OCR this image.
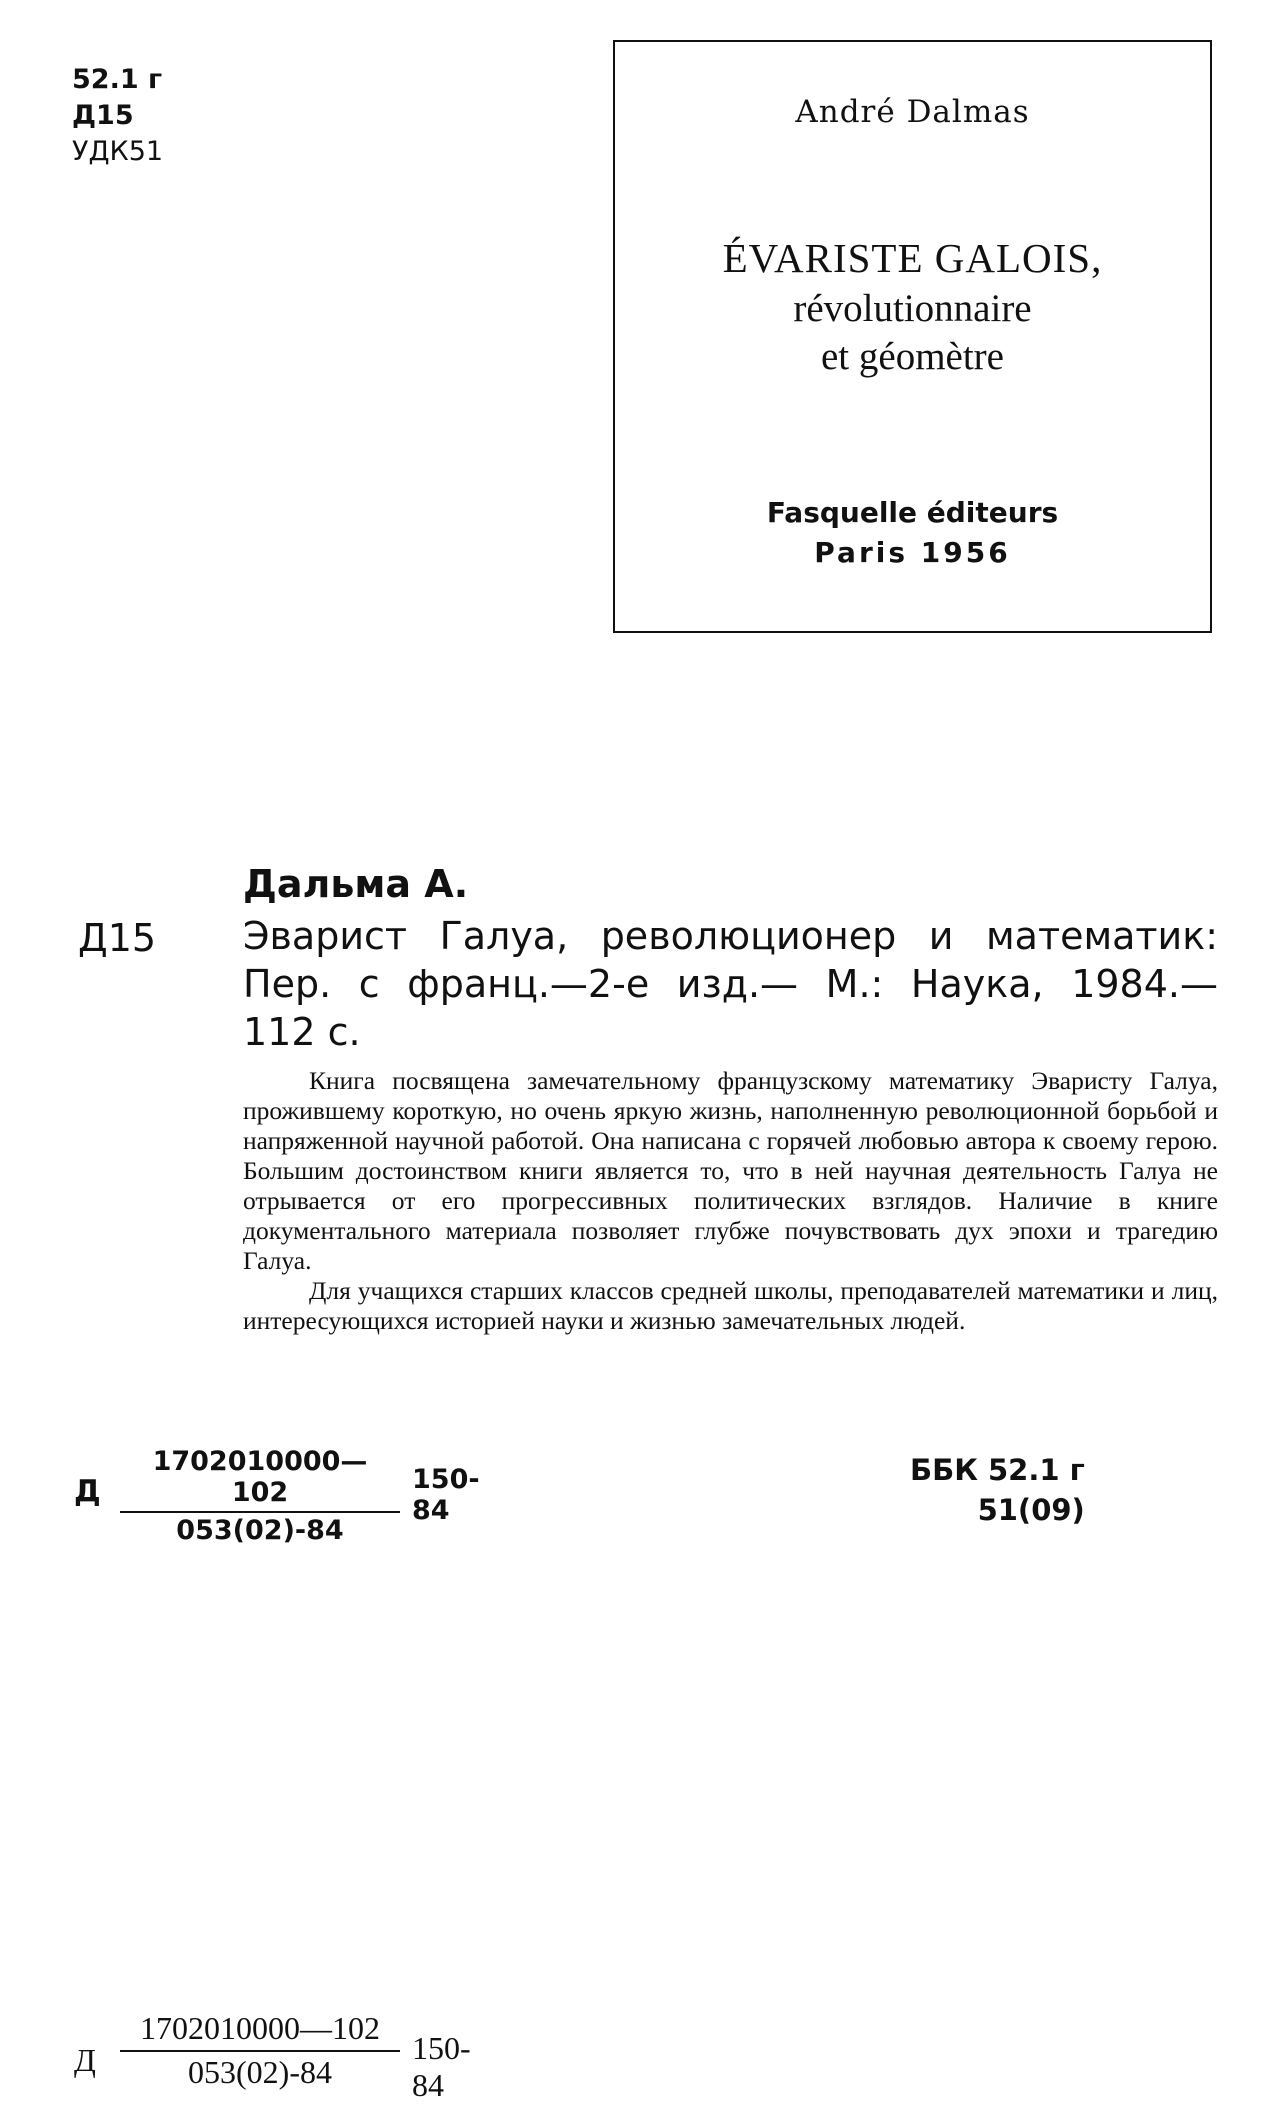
52.1 г
Д15
УДК51
André Dalmas
ÉVARISTE GALOIS,
révolutionnaire
et géomètre
Fasquelle éditeurs
Paris 1956
Дальма А.
Д15 Эварист Галуа, революционер и математик:
Пер. с франц.—2-е изд.— М.: Наука, 1984.—
112 с.

Книга посвящена замечательному французскому математику Эваристу Галуа, прожившему короткую, но очень яркую жизнь, наполненную революционной борьбой и напряженной научной работой. Она написана с горячей любовью автора к своему герою. Большим достоинством книги является то, что в ней научная деятельность Галуа не отрывается от его прогрессивных политических взглядов. Наличие в книге документального материала позволяет глубже почувствовать дух эпохи и трагедию Галуа.

Для учащихся старших классов средней школы, преподавателей математики и лиц, интересующихся историей науки и жизнью замечательных людей.

Д $\frac{1702010000— 102}{053(02)-84} 150-84$
ББК 52.1 г
51(09)
Д $\frac{1702010000—102}{053(02)-84} 150-84$
